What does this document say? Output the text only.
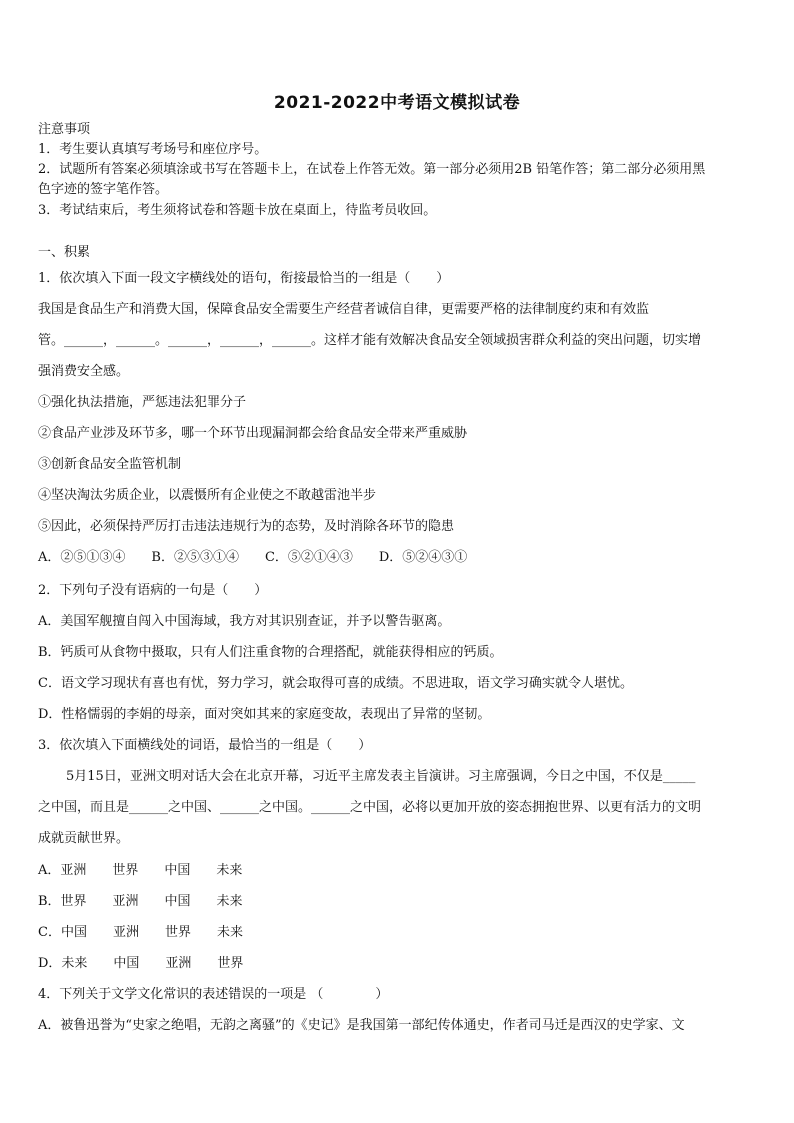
2021-2022中考语文模拟试卷
注意事项
1．考生要认真填写考场号和座位序号。
2．试题所有答案必须填涂或书写在答题卡上，在试卷上作答无效。第一部分必须用2B 铅笔作答；第二部分必须用黑
色字迹的签字笔作答。
3．考试结束后，考生须将试卷和答题卡放在桌面上，待监考员收回。
一、积累
1．依次填入下面一段文字横线处的语句，衔接最恰当的一组是（　　）
我国是食品生产和消费大国，保障食品安全需要生产经营者诚信自律，更需要严格的法律制度约束和有效监
管。______，______。______，______，______。这样才能有效解决食品安全领域损害群众利益的突出问题，切实增
强消费安全感。
①强化执法措施，严惩违法犯罪分子
②食品产业涉及环节多，哪一个环节出现漏洞都会给食品安全带来严重威胁
③创新食品安全监管机制
④坚决淘汰劣质企业，以震慑所有企业使之不敢越雷池半步
⑤因此，必须保持严厉打击违法违规行为的态势，及时消除各环节的隐患
A．②⑤①③④　　B．②⑤③①④　　C．⑤②①④③　　D．⑤②④③①
2．下列句子没有语病的一句是（　　）
A．美国军舰擅自闯入中国海域，我方对其识别查证，并予以警告驱离。
B．钙质可从食物中摄取，只有人们注重食物的合理搭配，就能获得相应的钙质。
C．语文学习现状有喜也有忧，努力学习，就会取得可喜的成绩。不思进取，语文学习确实就令人堪忧。
D．性格懦弱的李娟的母亲，面对突如其来的家庭变故，表现出了异常的坚韧。
3．依次填入下面横线处的词语，最恰当的一组是（　　）
5月15日，亚洲文明对话大会在北京开幕，习近平主席发表主旨演讲。习主席强调，今日之中国，不仅是_____
之中国，而且是______之中国、______之中国。______之中国，必将以更加开放的姿态拥抱世界、以更有活力的文明
成就贡献世界。
A．亚洲　　世界　　中国　　未来
B．世界　　亚洲　　中国　　未来
C．中国　　亚洲　　世界　　未来
D．未来　　中国　　亚洲　　世界
4．下列关于文学文化常识的表述错误的一项是 （　　　　）
A．被鲁迅誉为“史家之绝唱，无韵之离骚”的《史记》是我国第一部纪传体通史，作者司马迁是西汉的史学家、文
